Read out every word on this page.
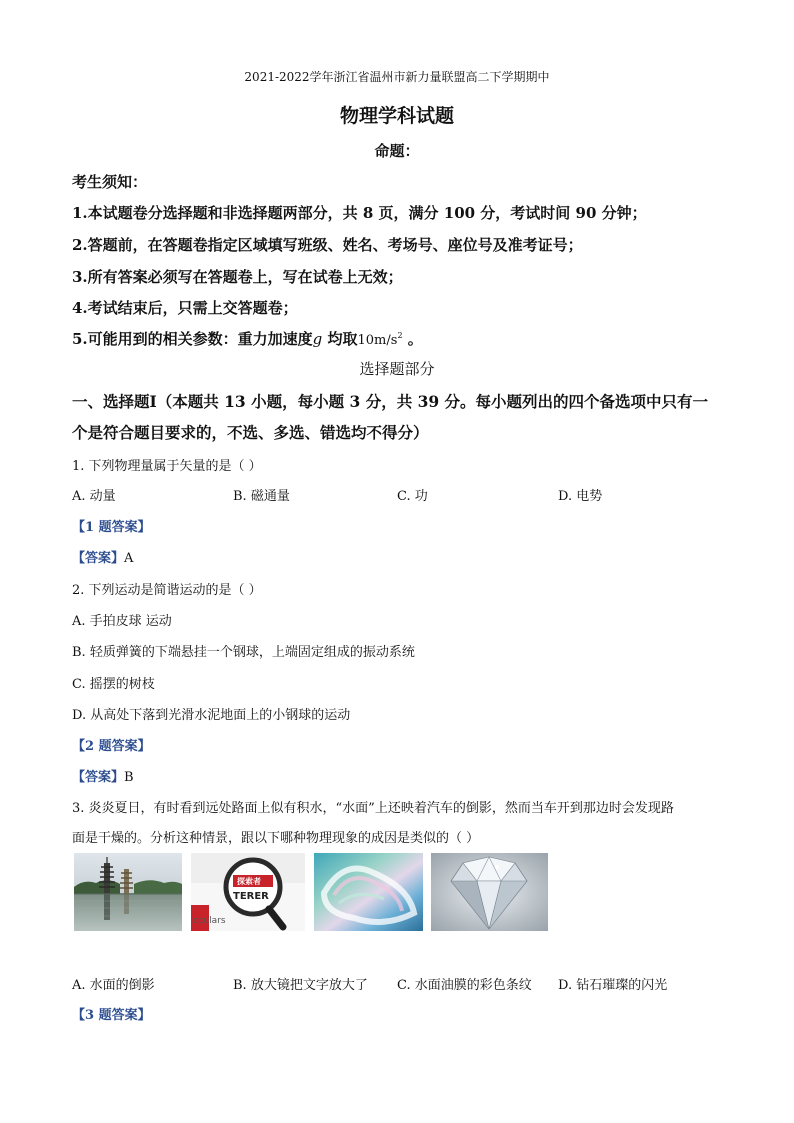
2021-2022学年浙江省温州市新力量联盟高二下学期期中
物理学科试题
命题：
考生须知：
1.本试题卷分选择题和非选择题两部分，共 8 页，满分 100 分，考试时间 90 分钟；
2.答题前，在答题卷指定区域填写班级、姓名、考场号、座位号及准考证号；
3.所有答案必须写在答题卷上，写在试卷上无效；
4.考试结束后，只需上交答题卷；
5.可能用到的相关参数：重力加速度g 均取$10m/s^2$ 。
选择题部分
一、选择题Ⅰ（本题共 13 小题，每小题 3 分，共 39 分。每小题列出的四个备选项中只有一
个是符合题目要求的，不选、多选、错选均不得分）
1. 下列物理量属于矢量的是（ ）
A. 动量	B. 磁通量	C. 功	D. 电势
【1 题答案】
【答案】A
2. 下列运动是简谐运动的是（ ）
A. 手拍皮球 运动
B. 轻质弹簧的下端悬挂一个钢球，上端固定组成的振动系统
C. 摇摆的树枝
D. 从高处下落到光滑水泥地面上的小钢球的运动
【2 题答案】
【答案】B
3. 炎炎夏日，有时看到远处路面上似有积水，“水面”上还映着汽车的倒影，然而当车开到那边时会发现路
面是干燥的。分析这种情景，跟以下哪种物理现象的成因是类似的（ ）
oculars
探索者
TERER
A. 水面的倒影	B. 放大镜把文字放大了 C. 水面油膜的彩色条纹 D. 钻石璀璨的闪光
【3 题答案】
